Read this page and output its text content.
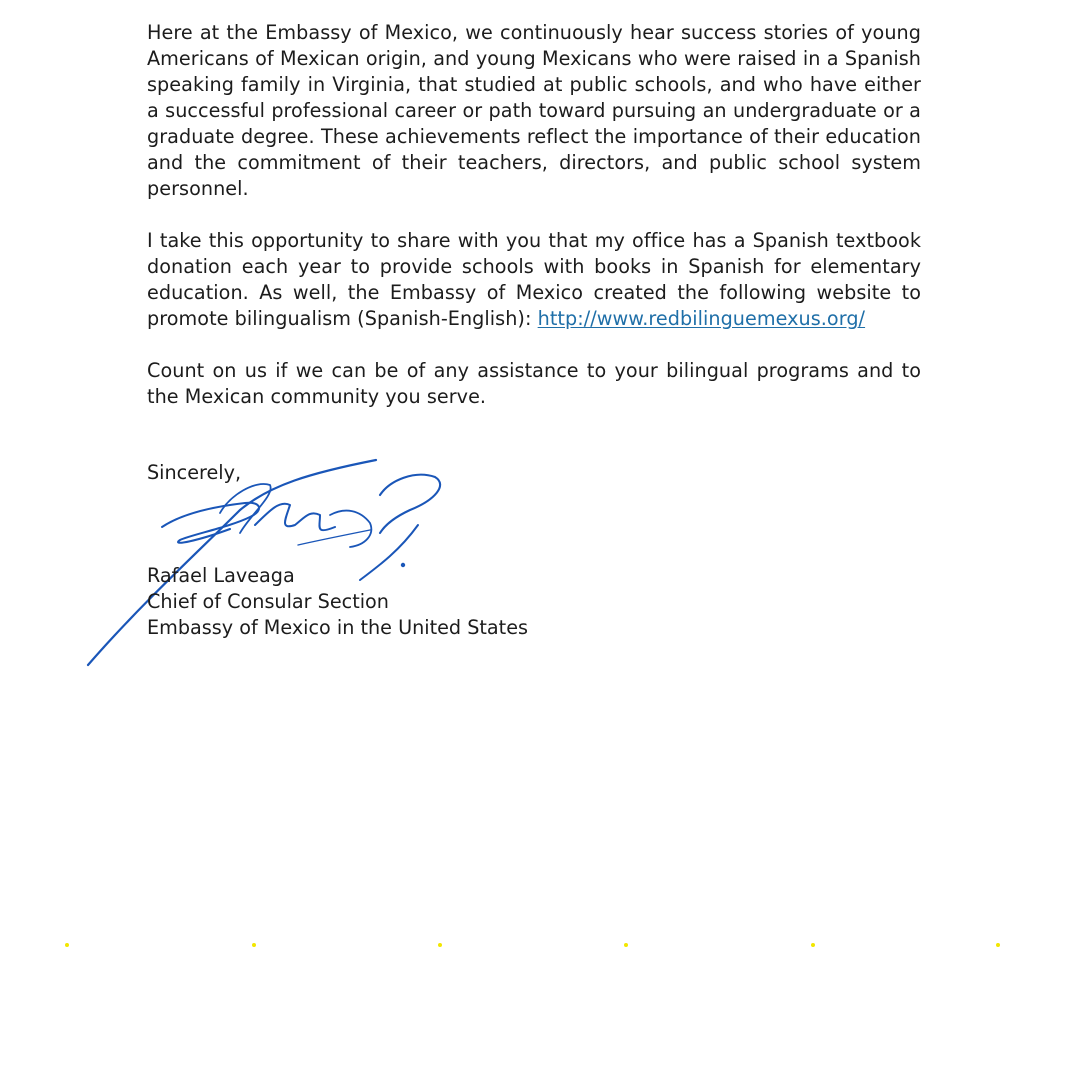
Here at the Embassy of Mexico, we continuously hear success stories of young Americans of Mexican origin, and young Mexicans who were raised in a Spanish speaking family in Virginia, that studied at public schools, and who have either a successful professional career or path toward pursuing an undergraduate or a graduate degree. These achievements reflect the importance of their education and the commitment of their teachers, directors, and public school system personnel.

I take this opportunity to share with you that my office has a Spanish textbook donation each year to provide schools with books in Spanish for elementary education. As well, the Embassy of Mexico created the following website to promote bilingualism (Spanish-English): http://www.redbilinguemexus.org/

Count on us if we can be of any assistance to your bilingual programs and to the Mexican community you serve.

Sincerely,
Rafael Laveaga
Chief of Consular Section
Embassy of Mexico in the United States
